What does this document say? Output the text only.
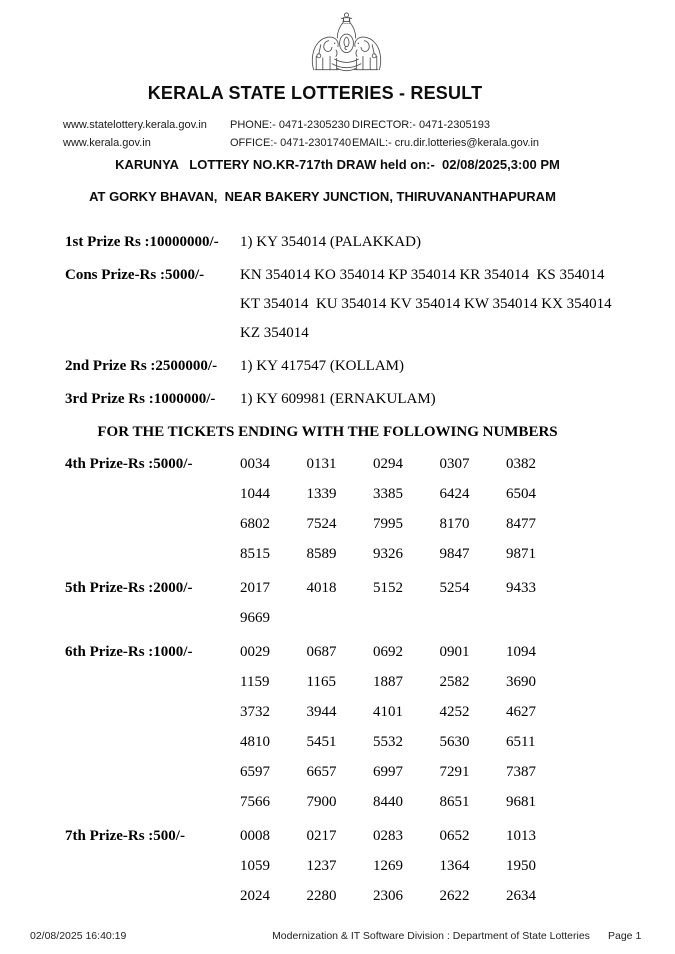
KERALA STATE LOTTERIES - RESULT
www.statelottery.kerala.gov.in	PHONE:- 0471-2305230 DIRECTOR:- 0471-2305193
www.kerala.gov.in	OFFICE:- 0471-2301740 EMAIL:- cru.dir.lotteries@kerala.gov.in
KARUNYA   LOTTERY NO.KR-717th DRAW held on:-  02/08/2025,3:00 PM
AT GORKY BHAVAN,  NEAR BAKERY JUNCTION, THIRUVANANTHAPURAM
1st Prize Rs :10000000/-	1) KY 354014 (PALAKKAD)
Cons Prize-Rs :5000/-	KN 354014 KO 354014 KP 354014 KR 354014  KS 354014
KT 354014  KU 354014 KV 354014 KW 354014 KX 354014
KZ 354014
2nd Prize Rs :2500000/-	1) KY 417547 (KOLLAM)
3rd Prize Rs :1000000/-	1) KY 609981 (ERNAKULAM)
FOR THE TICKETS ENDING WITH THE FOLLOWING NUMBERS
4th Prize-Rs :5000/-	0034	0131	0294	0307	0382
1044	1339	3385	6424	6504
6802	7524	7995	8170	8477
8515	8589	9326	9847	9871
5th Prize-Rs :2000/-	2017	4018	5152	5254	9433
9669
6th Prize-Rs :1000/-	0029	0687	0692	0901	1094
1159	1165	1887	2582	3690
3732	3944	4101	4252	4627
4810	5451	5532	5630	6511
6597	6657	6997	7291	7387
7566	7900	8440	8651	9681
7th Prize-Rs :500/-	0008	0217	0283	0652	1013
1059	1237	1269	1364	1950
2024	2280	2306	2622	2634
02/08/2025 16:40:19	Modernization & IT Software Division : Department of State Lotteries Page 1
